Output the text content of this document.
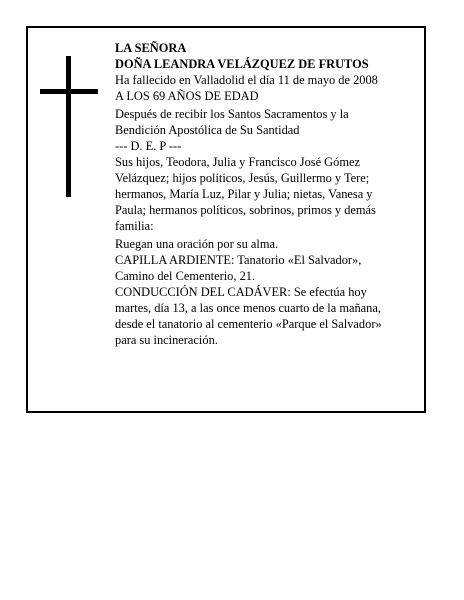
LA SEÑORA

DOÑA LEANDRA VELÁZQUEZ DE FRUTOS

Ha fallecido en Valladolid el día 11 de mayo de 2008

A LOS 69 AÑOS DE EDAD

Después de recibir los Santos Sacramentos y la

Bendición Apostólica de Su Santidad

--- D. E. P ---

Sus hijos, Teodora, Julia y Francisco José Gómez

Velázquez; hijos políticos, Jesús, Guillermo y Tere;

hermanos, María Luz, Pilar y Julia; nietas, Vanesa y

Paula; hermanos políticos, sobrinos, primos y demás

familia:

Ruegan una oración por su alma.

CAPILLA ARDIENTE: Tanatorio «El Salvador»,

Camino del Cementerio, 21.

CONDUCCIÓN DEL CADÁVER: Se efectúa hoy

martes, día 13, a las once menos cuarto de la mañana,

desde el tanatorio al cementerio «Parque el Salvador»

para su incineración.
